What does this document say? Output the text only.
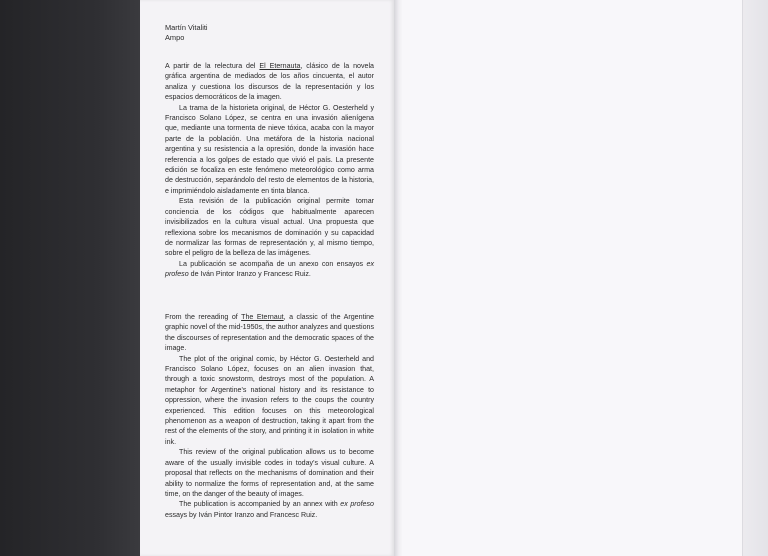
Martín Vitaliti
Ampo

A partir de la relectura del El Eternauta, clásico de la novela gráfica argentina de mediados de los años cincuenta, el autor analiza y cuestiona los discursos de la representación y los espacios democráticos de la imagen.

La trama de la historieta original, de Héctor G. Oesterheld y Francisco Solano López, se centra en una invasión alienígena que, mediante una tormenta de nieve tóxica, acaba con la mayor parte de la población. Una metáfora de la historia nacional argentina y su resistencia a la opresión, donde la invasión hace referencia a los golpes de estado que vivió el país. La presente edición se focaliza en este fenómeno meteorológico como arma de destrucción, separándolo del resto de elementos de la historia, e imprimiéndolo aisladamente en tinta blanca.

Esta revisión de la publicación original permite tomar conciencia de los códigos que habitualmente aparecen invisibilizados en la cultura visual actual. Una propuesta que reflexiona sobre los mecanismos de dominación y su capacidad de normalizar las formas de representación y, al mismo tiempo, sobre el peligro de la belleza de las imágenes.

La publicación se acompaña de un anexo con ensayos ex profeso de Iván Pintor Iranzo y Francesc Ruiz.

From the rereading of The Eternaut, a classic of the Argentine graphic novel of the mid-1950s, the author analyzes and questions the discourses of representation and the democratic spaces of the image.

The plot of the original comic, by Héctor G. Oesterheld and Francisco Solano López, focuses on an alien invasion that, through a toxic snowstorm, destroys most of the population. A metaphor for Argentine's national history and its resistance to oppression, where the invasion refers to the coups the country experienced. This edition focuses on this meteorological phenomenon as a weapon of destruction, taking it apart from the rest of the elements of the story, and printing it in isolation in white ink.

This review of the original publication allows us to become aware of the usually invisible codes in today's visual culture. A proposal that reflects on the mechanisms of domination and their ability to normalize the forms of representation and, at the same time, on the danger of the beauty of images.

The publication is accompanied by an annex with ex profeso essays by Iván Pintor Iranzo and Francesc Ruiz.
